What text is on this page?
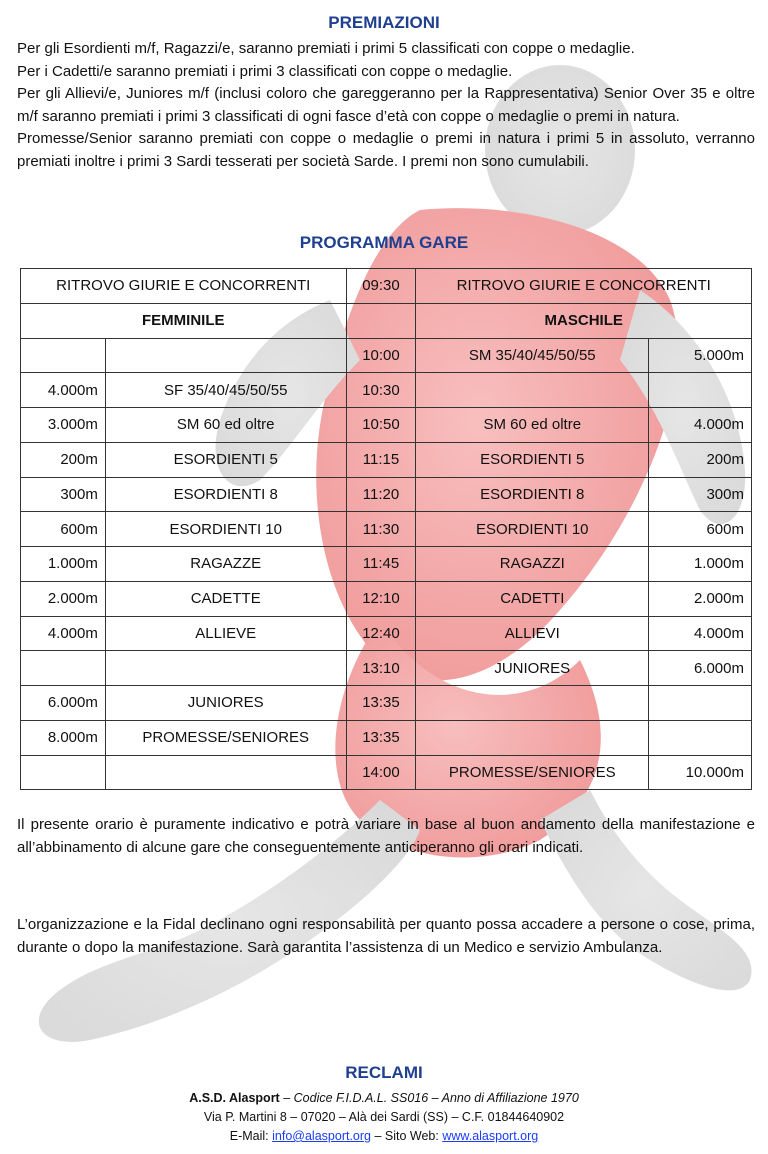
PREMIAZIONI

Per gli Esordienti m/f, Ragazzi/e, saranno premiati i primi 5 classificati con coppe o medaglie.

Per i Cadetti/e saranno premiati i primi 3 classificati con coppe o medaglie.

Per gli Allievi/e, Juniores m/f (inclusi coloro che gareggeranno per la Rappresentativa) Senior Over 35 e oltre m/f saranno premiati i primi 3 classificati di ogni fasce d’età con coppe o medaglie o premi in natura.

Promesse/Senior saranno premiati con coppe o medaglie o premi in natura i primi 5 in assoluto, verranno premiati inoltre i primi 3 Sardi tesserati per società Sarde. I premi non sono cumulabili.

PROGRAMMA GARE
RITROVO GIURIE E CONCORRENTI		09:30	RITROVO GIURIE E CONCORRENTI	
FEMMINILE			MASCHILE	
		10:00	SM 35/40/45/50/55	5.000m
4.000m	SF 35/40/45/50/55	10:30		
3.000m	SM 60 ed oltre	10:50	SM 60 ed oltre	4.000m
200m	ESORDIENTI 5	11:15	ESORDIENTI 5	200m
300m	ESORDIENTI 8	11:20	ESORDIENTI 8	300m
600m	ESORDIENTI 10	11:30	ESORDIENTI 10	600m
1.000m	RAGAZZE	11:45	RAGAZZI	1.000m
2.000m	CADETTE	12:10	CADETTI	2.000m
4.000m	ALLIEVE	12:40	ALLIEVI	4.000m
		13:10	JUNIORES	6.000m
6.000m	JUNIORES	13:35		
8.000m	PROMESSE/SENIORES	13:35		
		14:00	PROMESSE/SENIORES	10.000m
Il presente orario è puramente indicativo e potrà variare in base al buon andamento della manifestazione e all’abbinamento di alcune gare che conseguentemente anticiperanno gli orari indicati.
L’organizzazione e la Fidal declinano ogni responsabilità per quanto possa accadere a persone o cose, prima, durante o dopo la manifestazione. Sarà garantita l’assistenza di un Medico e servizio Ambulanza.
RECLAMI
A.S.D. Alasport – Codice F.I.D.A.L. SS016 – Anno di Affiliazione 1970
Via P. Martini 8 – 07020 – Alà dei Sardi (SS) – C.F. 01844640902
E-Mail: info@alasport.org – Sito Web: www.alasport.org
